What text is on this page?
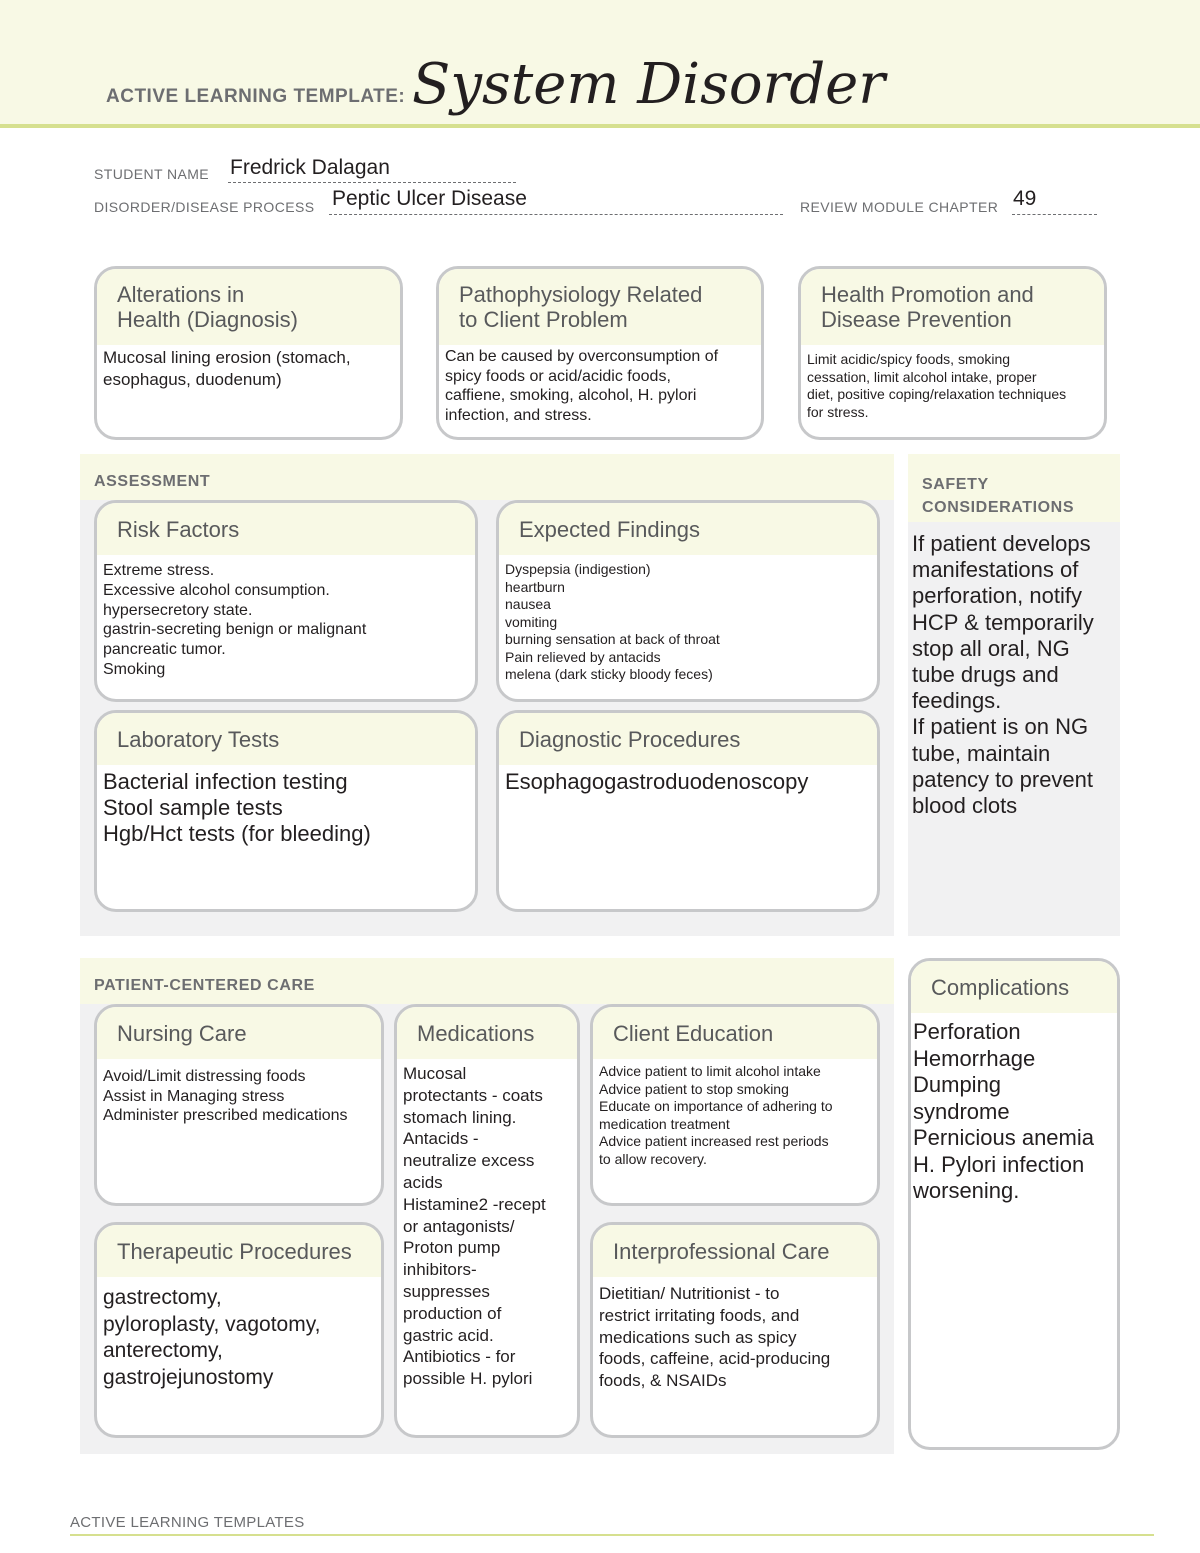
ACTIVE LEARNING TEMPLATE: System Disorder
STUDENT NAME Fredrick Dalagan
DISORDER/DISEASE PROCESS Peptic Ulcer Disease	REVIEW MODULE CHAPTER 49
Alterations in
Health (Diagnosis)
Mucosal lining erosion (stomach,
esophagus, duodenum)
Pathophysiology Related
to Client Problem
Can be caused by overconsumption of
spicy foods or acid/acidic foods,
caffiene, smoking, alcohol, H. pylori
infection, and stress.
Health Promotion and
Disease Prevention
Limit acidic/spicy foods, smoking
cessation, limit alcohol intake, proper
diet, positive coping/relaxation techniques
for stress.
ASSESSMENT
Risk Factors
Extreme stress.
Excessive alcohol consumption.
hypersecretory state.
gastrin-secreting benign or malignant
pancreatic tumor.
Smoking
Expected Findings
Dyspepsia (indigestion)
heartburn
nausea
vomiting
burning sensation at back of throat
Pain relieved by antacids
melena (dark sticky bloody feces)
Laboratory Tests
Bacterial infection testing
Stool sample tests
Hgb/Hct tests (for bleeding)
Diagnostic Procedures
Esophagogastroduodenoscopy
SAFETY
CONSIDERATIONS
If patient develops
manifestations of
perforation, notify
HCP & temporarily
stop all oral, NG
tube drugs and
feedings.
If patient is on NG
tube, maintain
patency to prevent
blood clots
PATIENT-CENTERED CARE
Nursing Care
Avoid/Limit distressing foods
Assist in Managing stress
Administer prescribed medications
Medications
Mucosal
protectants - coats
stomach lining.
Antacids -
neutralize excess
acids
Histamine2 -recept
or antagonists/
Proton pump
inhibitors-
suppresses
production of
gastric acid.
Antibiotics - for
possible H. pylori
Client Education
Advice patient to limit alcohol intake
Advice patient to stop smoking
Educate on importance of adhering to
medication treatment
Advice patient increased rest periods
to allow recovery.
Therapeutic Procedures
gastrectomy,
pyloroplasty, vagotomy,
anterectomy,
gastrojejunostomy
Interprofessional Care
Dietitian/ Nutritionist - to
restrict irritating foods, and
medications such as spicy
foods, caffeine, acid-producing
foods, & NSAIDs
Complications
Perforation
Hemorrhage
Dumping
syndrome
Pernicious anemia
H. Pylori infection
worsening.
ACTIVE LEARNING TEMPLATES
